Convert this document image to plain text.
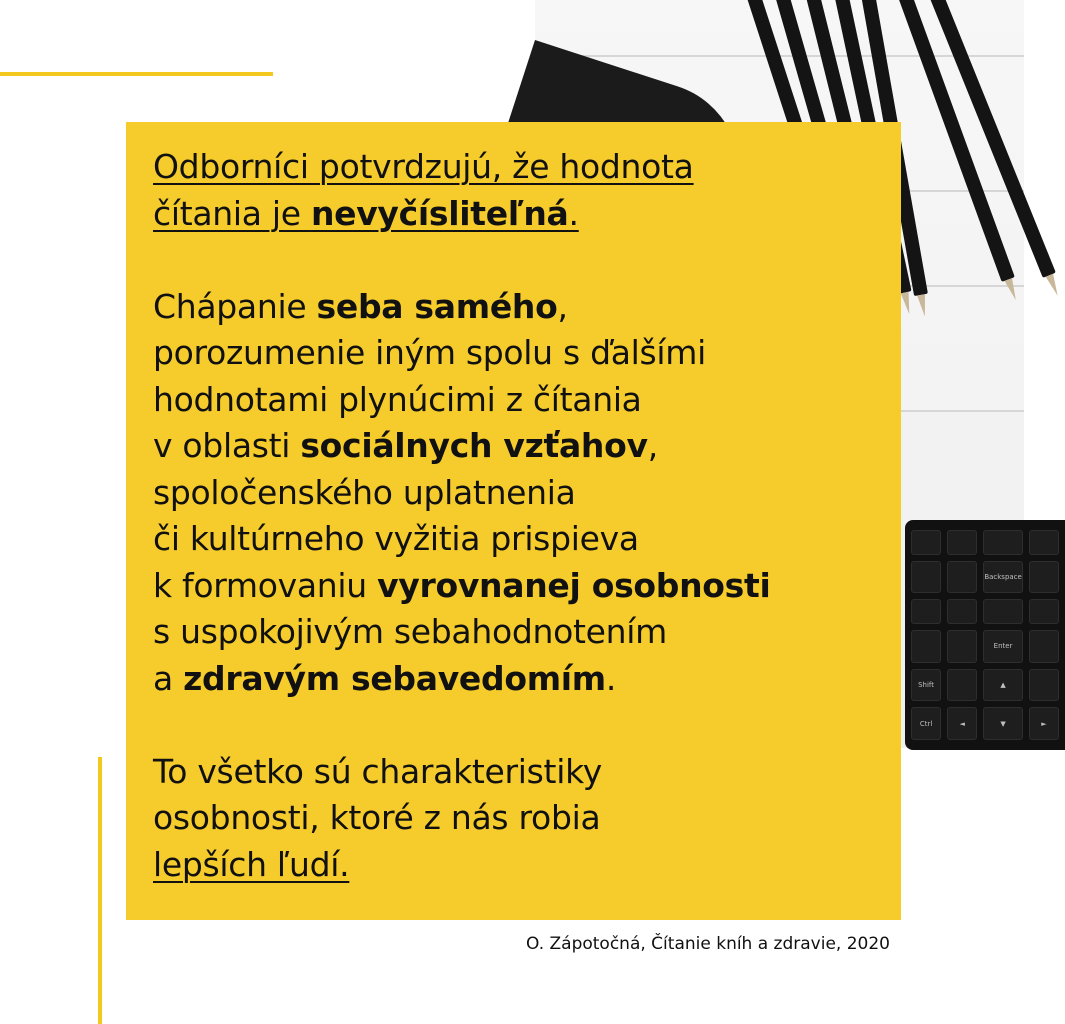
Backspace
Enter
Shift	▲
Ctrl	◄	▼	►
Odborníci potvrdzujú, že hodnota
čítania je nevyčísliteľná.
Chápanie seba samého,
porozumenie iným spolu s ďalšími
hodnotami plynúcimi z čítania
v oblasti sociálnych vzťahov,
spoločenského uplatnenia
či kultúrneho vyžitia prispieva
k formovaniu vyrovnanej osobnosti
s uspokojivým sebahodnotením
a zdravým sebavedomím.
To všetko sú charakteristiky
osobnosti, ktoré z nás robia
lepších ľudí.
O. Zápotočná, Čítanie kníh a zdravie, 2020
